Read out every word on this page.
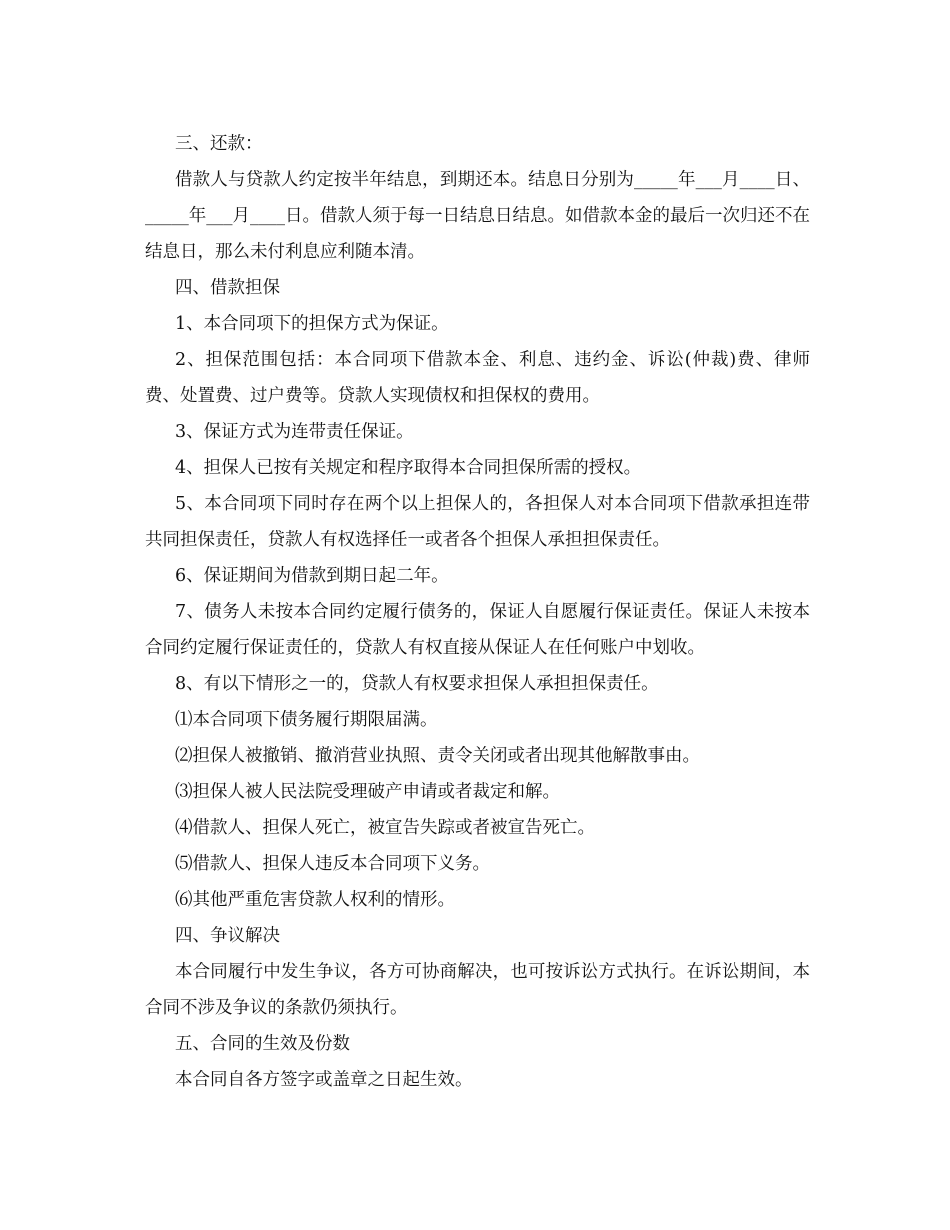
三、还款：

借款人与贷款人约定按半年结息，到期还本。结息日分别为_____年___月____日、_____年___月____日。借款人须于每一日结息日结息。如借款本金的最后一次归还不在结息日，那么未付利息应利随本清。

四、借款担保

1、本合同项下的担保方式为保证。

2、担保范围包括：本合同项下借款本金、利息、违约金、诉讼(仲裁)费、律师费、处置费、过户费等。贷款人实现债权和担保权的费用。

3、保证方式为连带责任保证。

4、担保人已按有关规定和程序取得本合同担保所需的授权。

5、本合同项下同时存在两个以上担保人的，各担保人对本合同项下借款承担连带共同担保责任，贷款人有权选择任一或者各个担保人承担担保责任。

6、保证期间为借款到期日起二年。

7、债务人未按本合同约定履行债务的，保证人自愿履行保证责任。保证人未按本合同约定履行保证责任的，贷款人有权直接从保证人在任何账户中划收。

8、有以下情形之一的，贷款人有权要求担保人承担担保责任。

⑴本合同项下债务履行期限届满。

⑵担保人被撤销、撤消营业执照、责令关闭或者出现其他解散事由。

⑶担保人被人民法院受理破产申请或者裁定和解。

⑷借款人、担保人死亡，被宣告失踪或者被宣告死亡。

⑸借款人、担保人违反本合同项下义务。

⑹其他严重危害贷款人权利的情形。

四、争议解决

本合同履行中发生争议，各方可协商解决，也可按诉讼方式执行。在诉讼期间，本合同不涉及争议的条款仍须执行。

五、合同的生效及份数

本合同自各方签字或盖章之日起生效。
